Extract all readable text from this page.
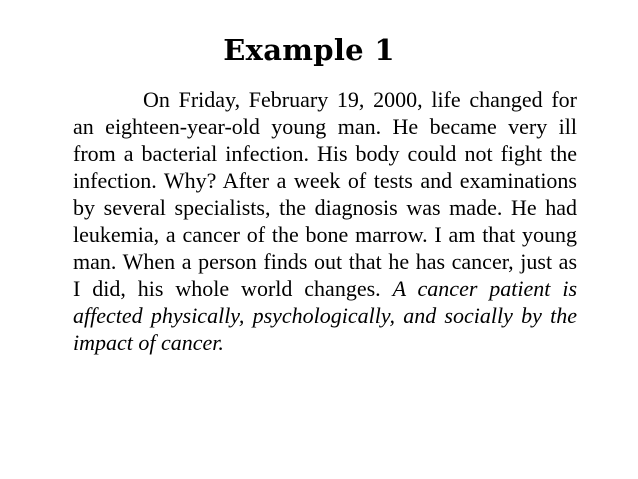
Example 1

On Friday, February 19, 2000, life changed for an eighteen-year-old young man. He became very ill from a bacterial infection. His body could not fight the infection. Why? After a week of tests and examinations by several specialists, the diagnosis was made. He had leukemia, a cancer of the bone marrow. I am that young man. When a person finds out that he has cancer, just as I did, his whole world changes. A cancer patient is affected physically, psychologically, and socially by the impact of cancer.
